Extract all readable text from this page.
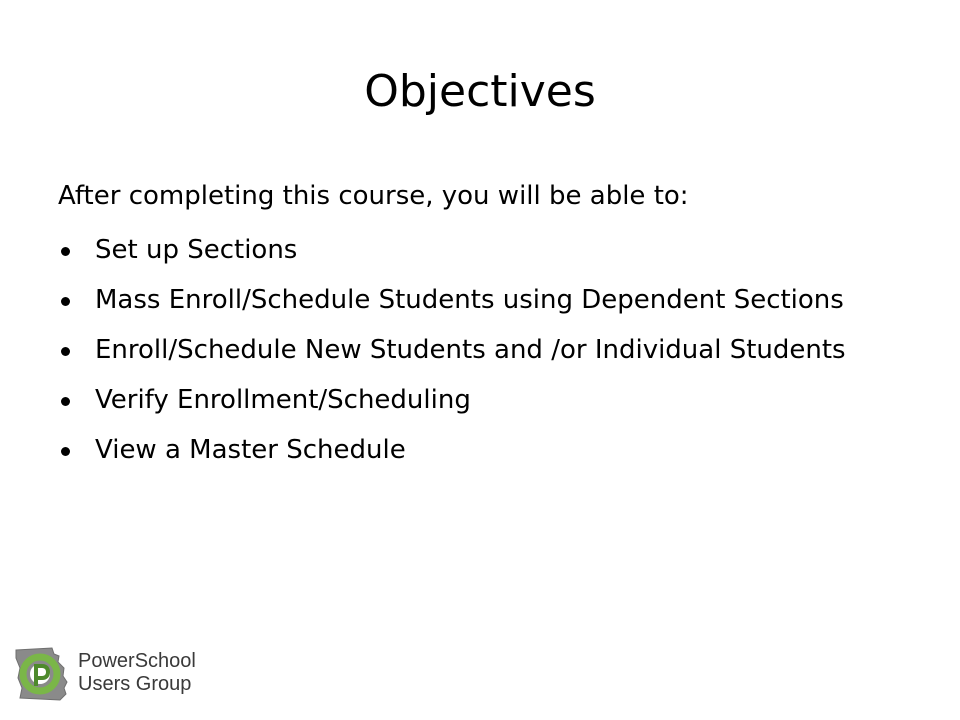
Objectives

After completing this course, you will be able to:

Set up Sections
Mass Enroll/Schedule Students using Dependent Sections
Enroll/Schedule New Students and /or Individual Students
Verify Enrollment/Scheduling
View a Master Schedule
PowerSchool
Users Group
